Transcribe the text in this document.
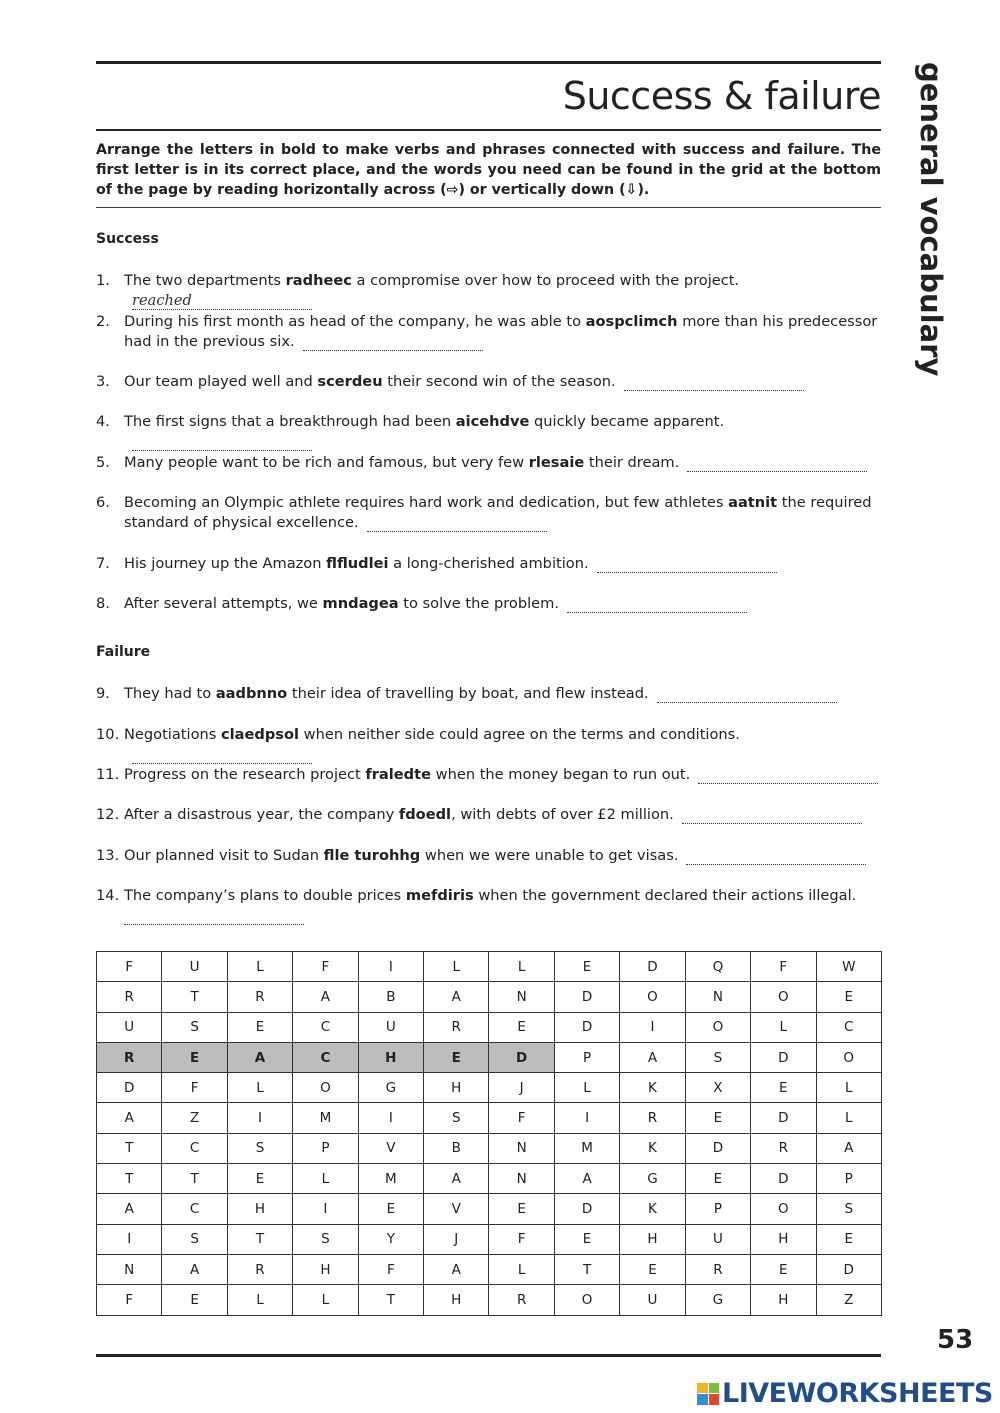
Success & failure
Arrange the letters in bold to make verbs and phrases connected with success and failure. The first letter is in its correct place, and the words you need can be found in the grid at the bottom of the page by reading horizontally across (⇨) or vertically down (⇩).
Success
Failure
1. The two departments radheec a compromise over how to proceed with the project.reached
2. During his first month as head of the company, he was able to aospclimch more than his predecessor had in the previous six.
3. Our team played well and scerdeu their second win of the season.
4. The first signs that a breakthrough had been aicehdve quickly became apparent.
5. Many people want to be rich and famous, but very few rlesaie their dream.
6. Becoming an Olympic athlete requires hard work and dedication, but few athletes aatnit the required standard of physical excellence.
7. His journey up the Amazon flfludlei a long-cherished ambition.
8. After several attempts, we mndagea to solve the problem.
9. They had to aadbnno their idea of travelling by boat, and flew instead.
10. Negotiations claedpsol when neither side could agree on the terms and conditions.
11. Progress on the research project fraledte when the money began to run out.
12. After a disastrous year, the company fdoedl, with debts of over £2 million.
13. Our planned visit to Sudan flle turohhg when we were unable to get visas.
14. The company’s plans to double prices mefdiris when the government declared their actions illegal.

F	U	L	F	I	L	L	E	D	Q	F	W
R	T	R	A	B	A	N	D	O	N	O	E
U	S	E	C	U	R	E	D	I	O	L	C
R	E	A	C	H	E	D	P	A	S	D	O
D	F	L	O	G	H	J	L	K	X	E	L
A	Z	I	M	I	S	F	I	R	E	D	L
T	C	S	P	V	B	N	M	K	D	R	A
T	T	E	L	M	A	N	A	G	E	D	P
A	C	H	I	E	V	E	D	K	P	O	S
I	S	T	S	Y	J	F	E	H	U	H	E
N	A	R	H	F	A	L	T	E	R	E	D
F	E	L	L	T	H	R	O	U	G	H	Z
general vocabulary
53
LIVEWORKSHEETS
